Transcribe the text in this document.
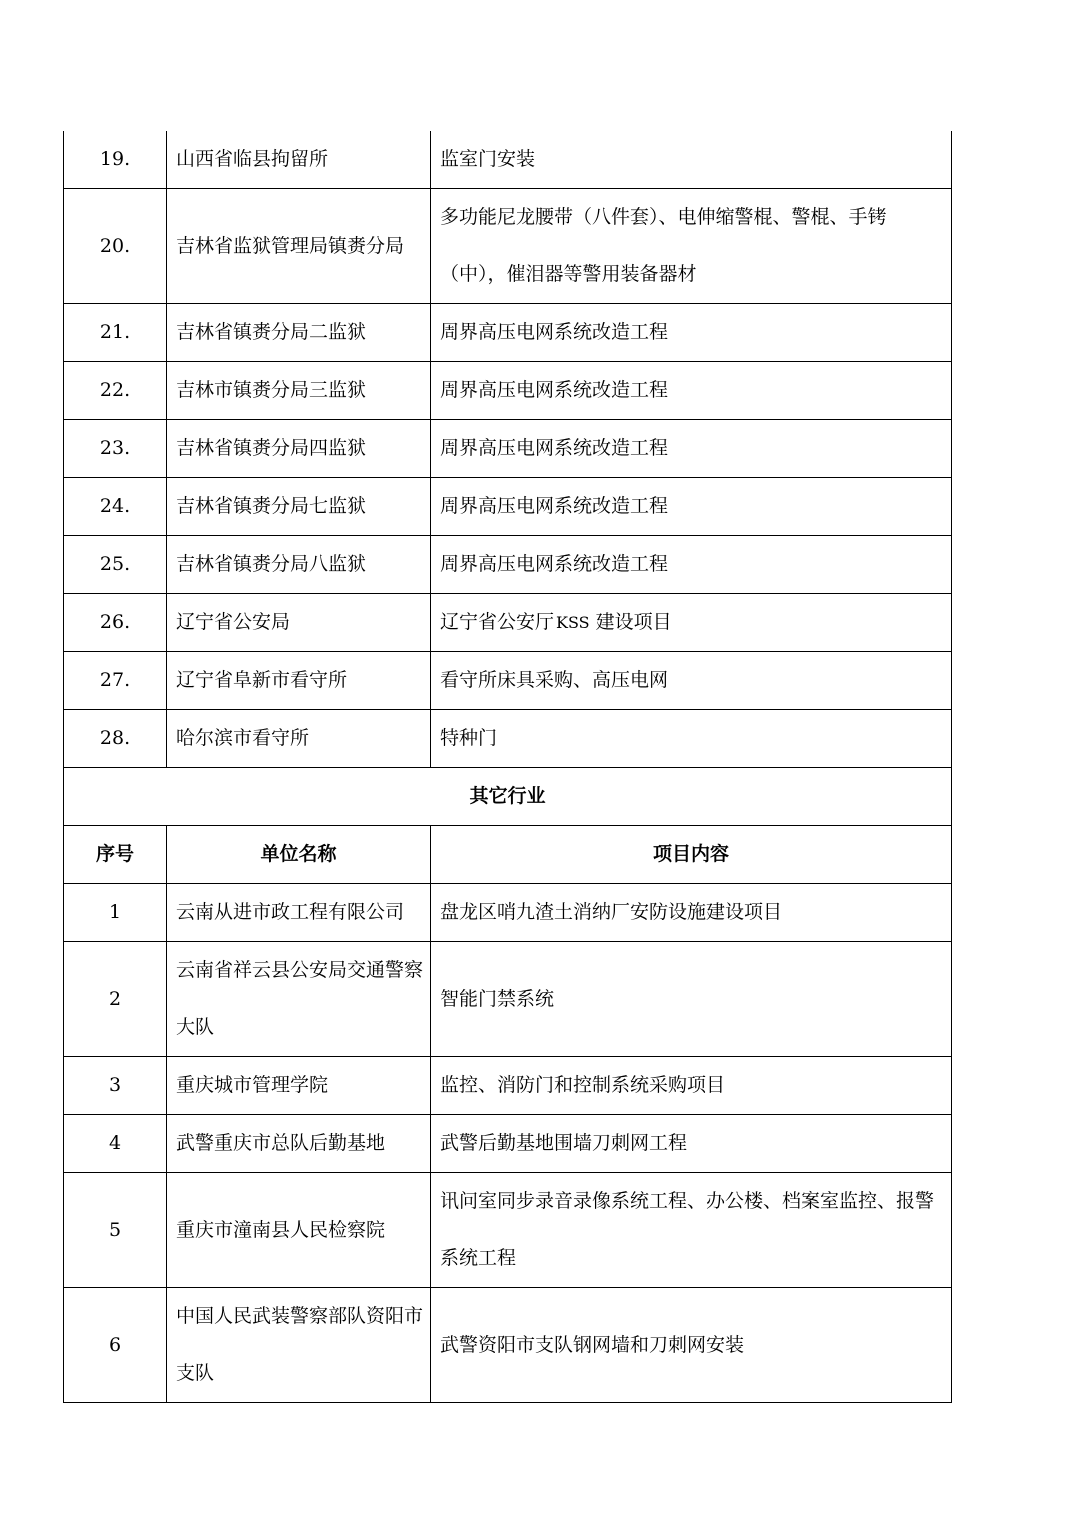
19.	山西省临县拘留所	监室门安装
20.	吉林省监狱管理局镇赉分局	多功能尼龙腰带（八件套）、电伸缩警棍、警棍、手铐（中），催泪器等警用装备器材
21.	吉林省镇赉分局二监狱	周界高压电网系统改造工程
22.	吉林市镇赉分局三监狱	周界高压电网系统改造工程
23.	吉林省镇赉分局四监狱	周界高压电网系统改造工程
24.	吉林省镇赉分局七监狱	周界高压电网系统改造工程
25.	吉林省镇赉分局八监狱	周界高压电网系统改造工程
26.	辽宁省公安局	辽宁省公安厅 KSS 建设项目
27.	辽宁省阜新市看守所	看守所床具采购、高压电网
28.	哈尔滨市看守所	特种门
其它行业		
序号	单位名称	项目内容
1	云南从进市政工程有限公司	盘龙区哨九渣土消纳厂安防设施建设项目
2	云南省祥云县公安局交通警察大队	智能门禁系统
3	重庆城市管理学院	监控、消防门和控制系统采购项目
4	武警重庆市总队后勤基地	武警后勤基地围墙刀刺网工程
5	重庆市潼南县人民检察院	讯问室同步录音录像系统工程、办公楼、档案室监控、报警系统工程
6	中国人民武装警察部队资阳市支队	武警资阳市支队钢网墙和刀刺网安装
